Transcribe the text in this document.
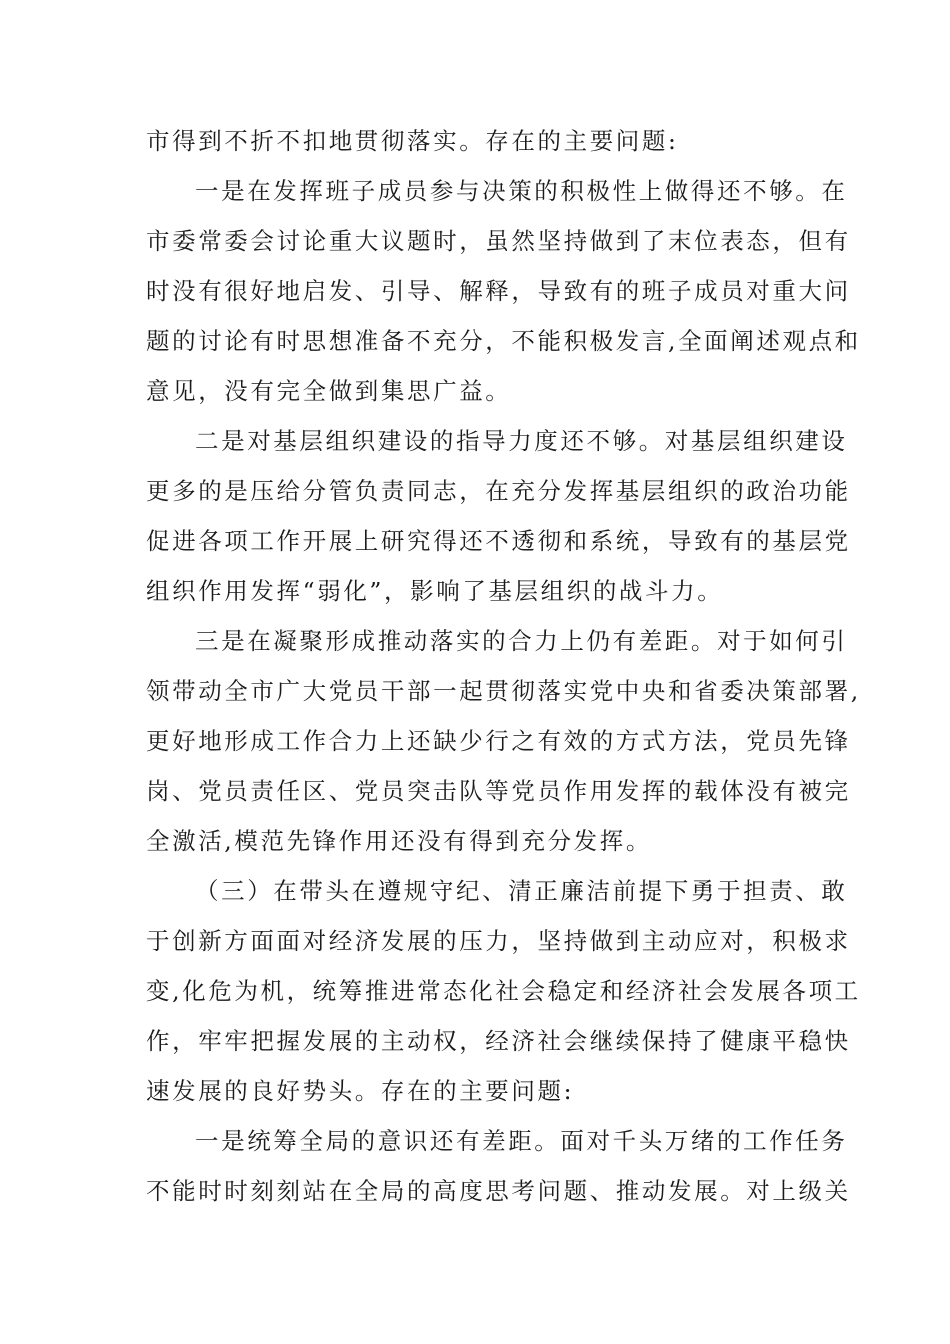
市得到不折不扣地贯彻落实。存在的主要问题:
一是在发挥班子成员参与决策的积极性上做得还不够。在
市委常委会讨论重大议题时，虽然坚持做到了末位表态，但有
时没有很好地启发、引导、解释，导致有的班子成员对重大问
题的讨论有时思想准备不充分，不能积极发言,全面阐述观点和
意见，没有完全做到集思广益。
二是对基层组织建设的指导力度还不够。对基层组织建设
更多的是压给分管负责同志，在充分发挥基层组织的政治功能
促进各项工作开展上研究得还不透彻和系统，导致有的基层党
组织作用发挥“弱化”，影响了基层组织的战斗力。
三是在凝聚形成推动落实的合力上仍有差距。对于如何引
领带动全市广大党员干部一起贯彻落实党中央和省委决策部署,
更好地形成工作合力上还缺少行之有效的方式方法，党员先锋
岗、党员责任区、党员突击队等党员作用发挥的载体没有被完
全激活,模范先锋作用还没有得到充分发挥。
（三）在带头在遵规守纪、清正廉洁前提下勇于担责、敢
于创新方面面对经济发展的压力，坚持做到主动应对，积极求
变,化危为机，统筹推进常态化社会稳定和经济社会发展各项工
作，牢牢把握发展的主动权，经济社会继续保持了健康平稳快
速发展的良好势头。存在的主要问题:
一是统筹全局的意识还有差距。面对千头万绪的工作任务
不能时时刻刻站在全局的高度思考问题、推动发展。对上级关
